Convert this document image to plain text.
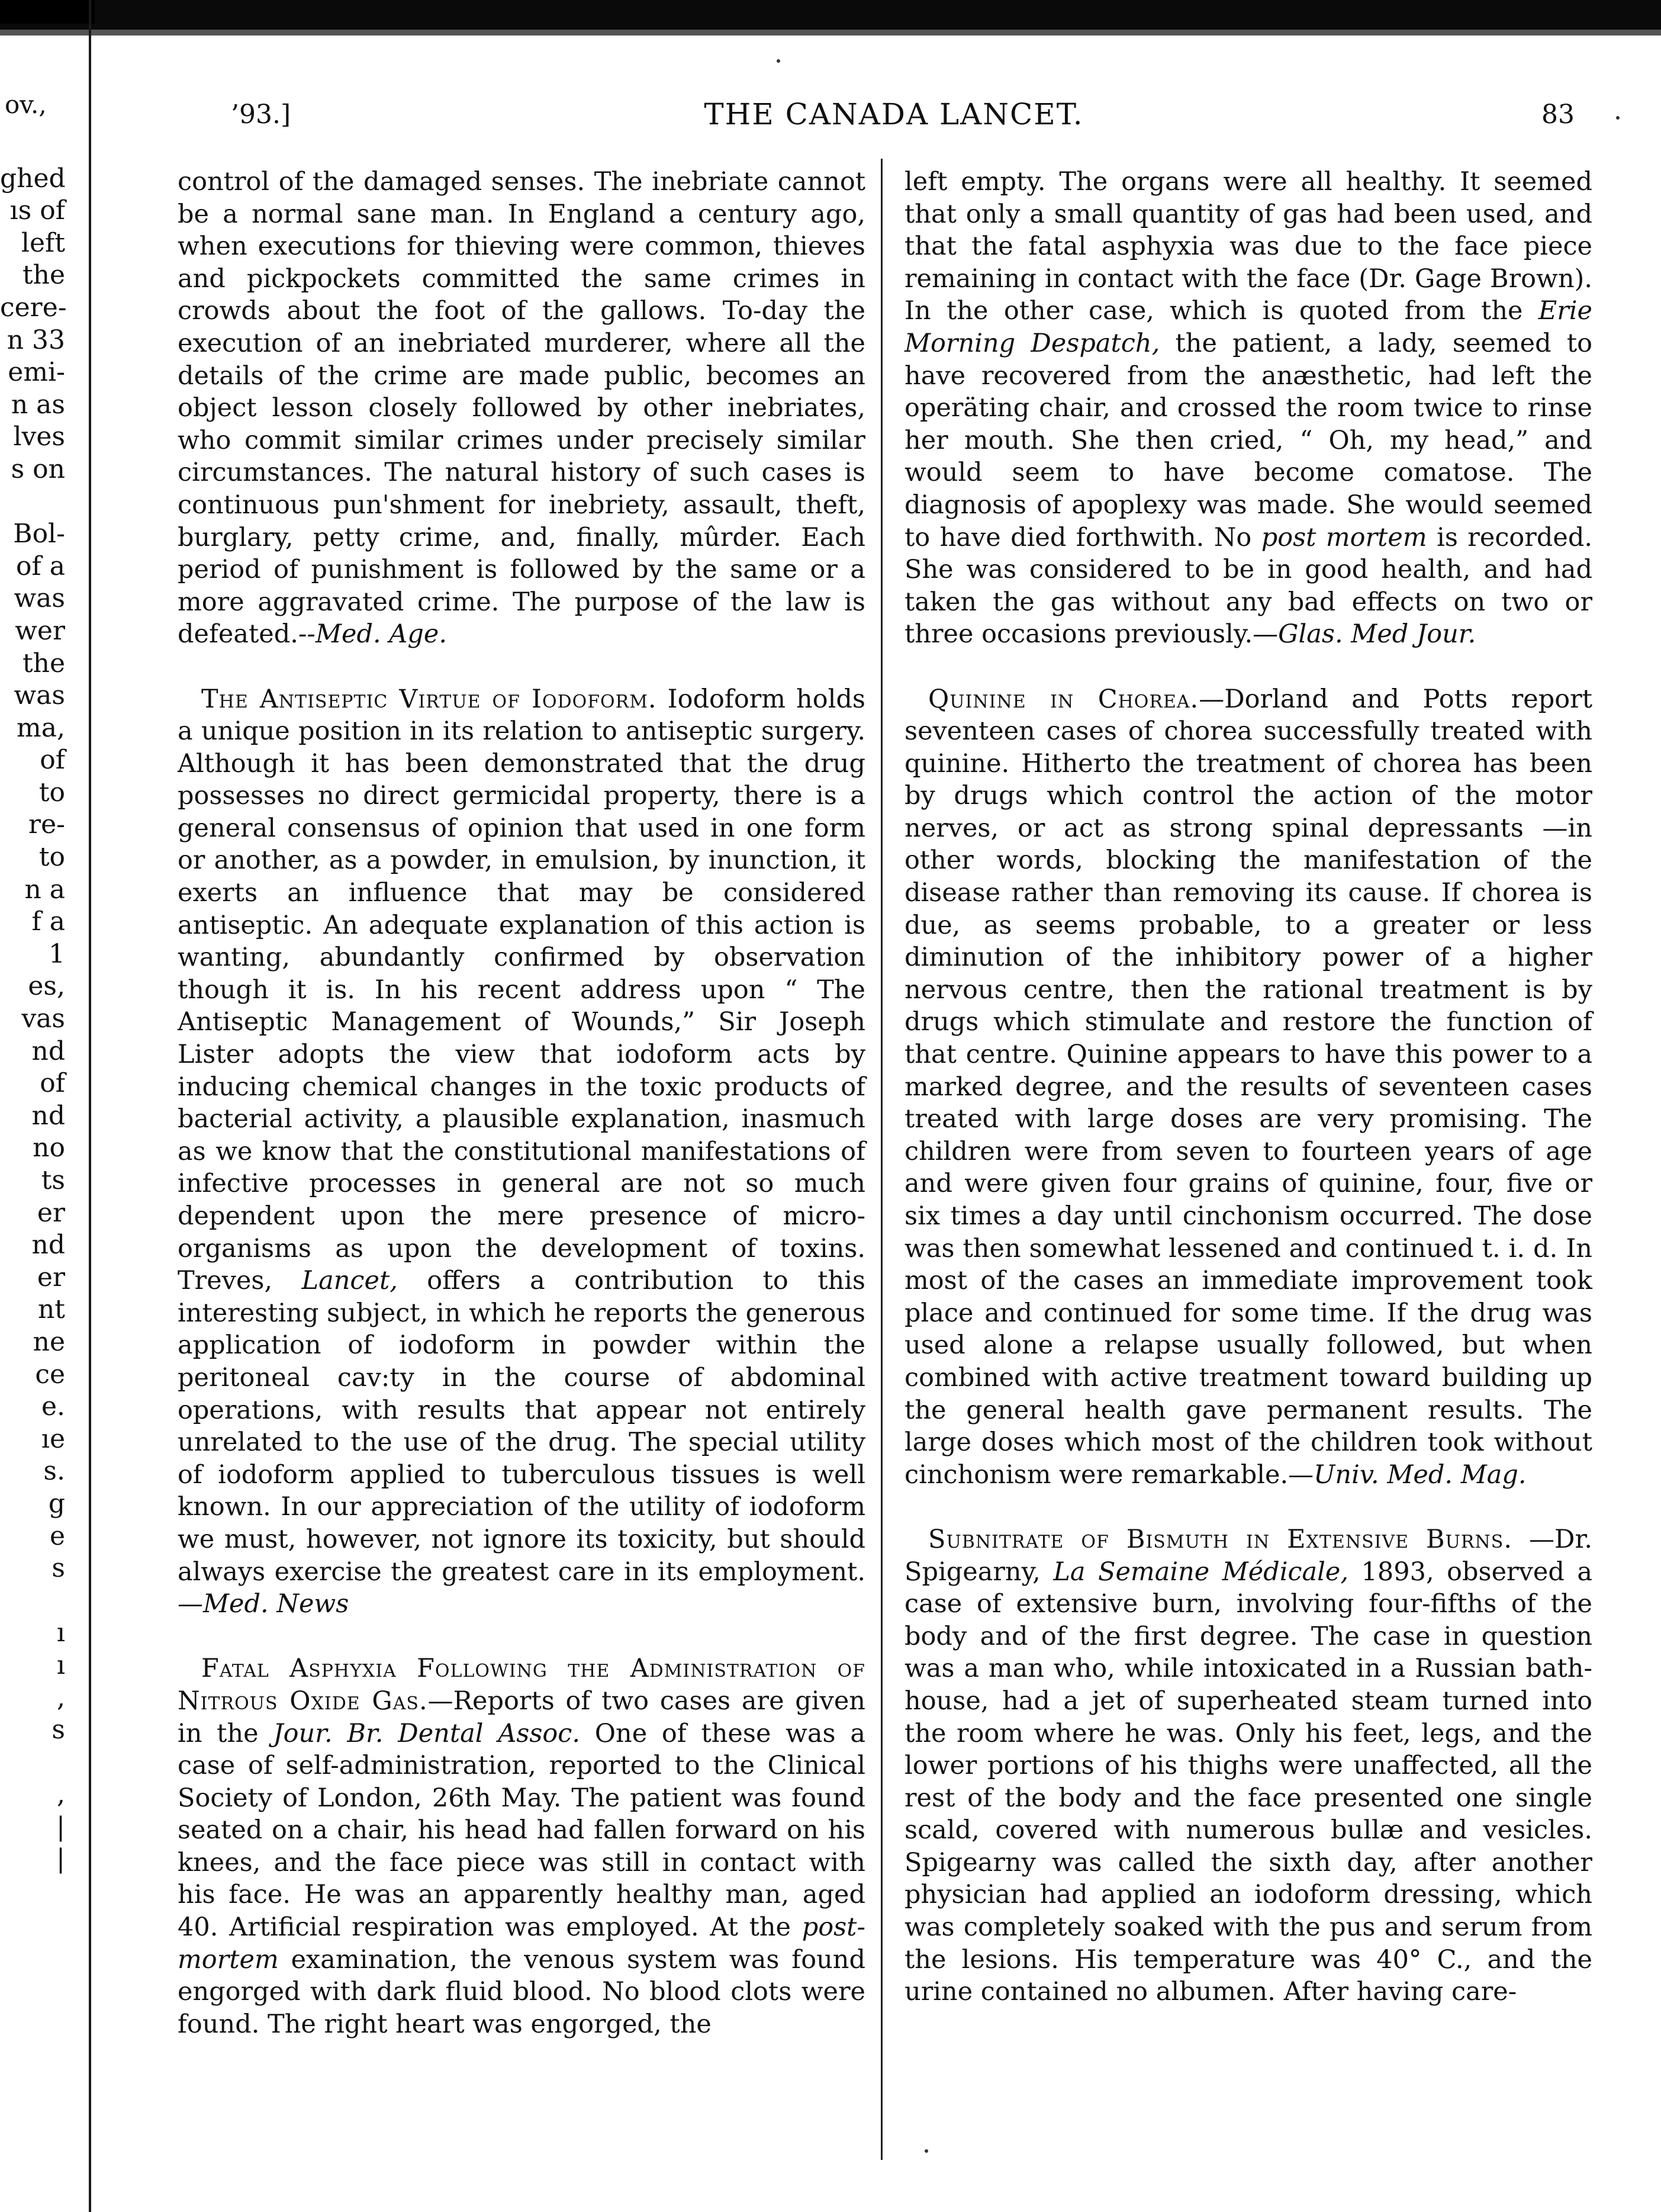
ov.,
ghed
ıs of
left
the
cere-
n 33
emi-
n as
lves
s on

Bol-
of a
was
wer
the
was
ma,
of
to
re-
to
n a
f a
1
es,
vas
nd
of
nd
no
ts
er
nd
er
nt
ne
ce
e.
ıe
s.
g
e
s

ı
ı
,
s

,
|
|
’93.]	THE CANADA LANCET.	83

control of the damaged senses. The inebriate cannot be a normal sane man. In England a century ago, when executions for thieving were common, thieves and pickpockets committed the same crimes in crowds about the foot of the gallows. To-day the execution of an inebriated murderer, where all the details of the crime are made public, becomes an object lesson closely followed by other inebriates, who commit similar crimes under precisely similar circumstances. The natural history of such cases is continuous pun'shment for inebriety, assault, theft, burglary, petty crime, and, finally, mûrder. Each period of punishment is followed by the same or a more aggravated crime. The purpose of the law is defeated.--Med. Age.

The Antiseptic Virtue of Iodoform. Iodoform holds a unique position in its relation to antiseptic surgery. Although it has been demonstrated that the drug possesses no direct germicidal property, there is a general consensus of opinion that used in one form or another, as a powder, in emulsion, by inunction, it exerts an influence that may be considered antiseptic. An adequate explanation of this action is wanting, abundantly confirmed by observation though it is. In his recent address upon “ The Antiseptic Management of Wounds,” Sir Joseph Lister adopts the view that iodoform acts by inducing chemical changes in the toxic products of bacterial activity, a plausible explanation, inasmuch as we know that the constitutional manifestations of infective processes in general are not so much dependent upon the mere presence of micro-organisms as upon the development of toxins. Treves, Lancet, offers a contribution to this interesting subject, in which he reports the generous application of iodoform in powder within the peritoneal cav:ty in the course of abdominal operations, with results that appear not entirely unrelated to the use of the drug. The special utility of iodoform applied to tuberculous tissues is well known. In our appreciation of the utility of iodoform we must, however, not ignore its toxicity, but should always exercise the greatest care in its employment.—Med. News

Fatal Asphyxia Following the Administration of Nitrous Oxide Gas.—Reports of two cases are given in the Jour. Br. Dental Assoc. One of these was a case of self-administration, reported to the Clinical Society of London, 26th May. The patient was found seated on a chair, his head had fallen forward on his knees, and the face piece was still in contact with his face. He was an apparently healthy man, aged 40. Artificial respiration was employed. At the post-mortem examination, the venous system was found engorged with dark fluid blood. No blood clots were found. The right heart was engorged, the

left empty. The organs were all healthy. It seemed that only a small quantity of gas had been used, and that the fatal asphyxia was due to the face piece remaining in contact with the face (Dr. Gage Brown). In the other case, which is quoted from the Erie Morning Despatch, the patient, a lady, seemed to have recovered from the anæsthetic, had left the operäting chair, and crossed the room twice to rinse her mouth. She then cried, “ Oh, my head,” and would seem to have become comatose. The diagnosis of apoplexy was made. She would seemed to have died forthwith. No post mortem is recorded. She was considered to be in good health, and had taken the gas without any bad effects on two or three occasions previously.—Glas. Med Jour.

Quinine in Chorea.—Dorland and Potts report seventeen cases of chorea successfully treated with quinine. Hitherto the treatment of chorea has been by drugs which control the action of the motor nerves, or act as strong spinal depressants —in other words, blocking the manifestation of the disease rather than removing its cause. If chorea is due, as seems probable, to a greater or less diminution of the inhibitory power of a higher nervous centre, then the rational treatment is by drugs which stimulate and restore the function of that centre. Quinine appears to have this power to a marked degree, and the results of seventeen cases treated with large doses are very promising. The children were from seven to fourteen years of age and were given four grains of quinine, four, five or six times a day until cinchonism occurred. The dose was then somewhat lessened and continued t. i. d. In most of the cases an immediate improvement took place and continued for some time. If the drug was used alone a relapse usually followed, but when combined with active treatment toward building up the general health gave permanent results. The large doses which most of the children took without cinchonism were remarkable.—Univ. Med. Mag.

Subnitrate of Bismuth in Extensive Burns. —Dr. Spigearny, La Semaine Médicale, 1893, observed a case of extensive burn, involving four-fifths of the body and of the first degree. The case in question was a man who, while intoxicated in a Russian bath-house, had a jet of superheated steam turned into the room where he was. Only his feet, legs, and the lower portions of his thighs were unaffected, all the rest of the body and the face presented one single scald, covered with numerous bullæ and vesicles. Spigearny was called the sixth day, after another physician had applied an iodoform dressing, which was completely soaked with the pus and serum from the lesions. His temperature was 40° C., and the urine contained no albumen. After having care-
